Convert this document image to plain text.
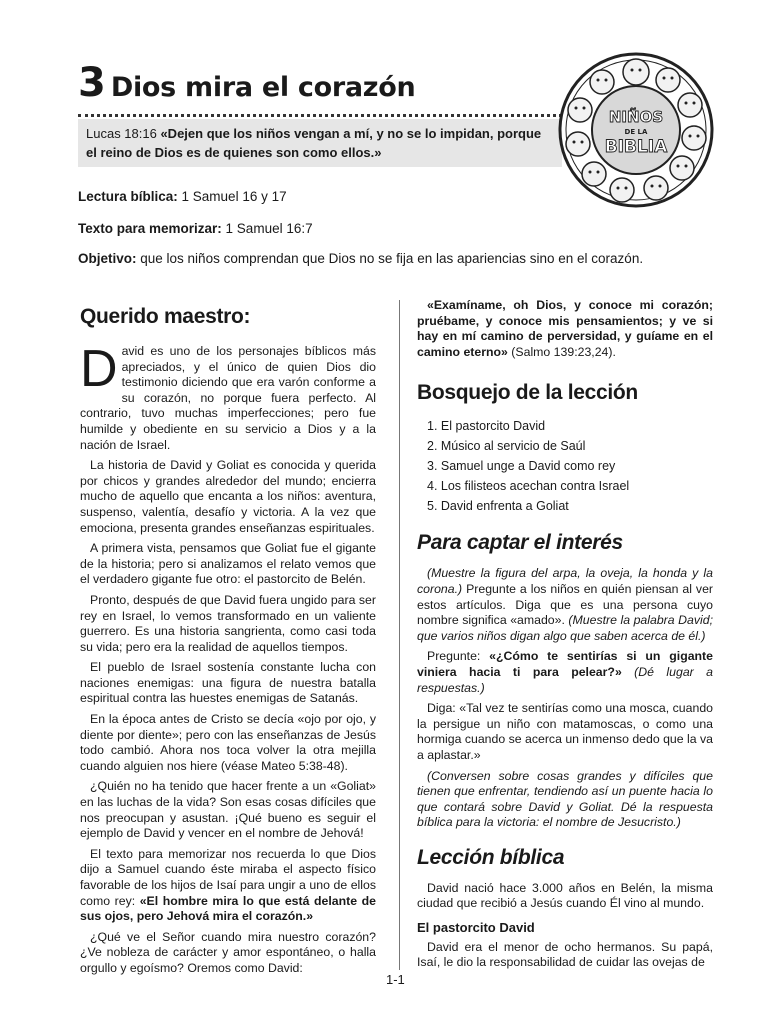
3 Dios mira el corazón
Lucas 18:16 «Dejen que los niños vengan a mí, y no se lo impidan, porque el reino de Dios es de quienes son como ellos.»
NIÑOS
DE LA
BIBLIA
Lectura bíblica: 1 Samuel 16 y 17
Texto para memorizar: 1 Samuel 16:7
Objetivo: que los niños comprendan que Dios no se fija en las apariencias sino en el corazón.
Querido maestro:

David es uno de los personajes bíblicos más apreciados, y el único de quien Dios dio testimonio diciendo que era varón conforme a su corazón, no porque fuera perfecto. Al contrario, tuvo muchas imperfecciones; pero fue humilde y obediente en su servicio a Dios y a la nación de Israel.

La historia de David y Goliat es conocida y querida por chicos y grandes alrededor del mundo; encierra mucho de aquello que encanta a los niños: aventura, suspenso, valentía, desafío y victoria. A la vez que emociona, presenta grandes enseñanzas espirituales.

A primera vista, pensamos que Goliat fue el gigante de la historia; pero si analizamos el relato vemos que el verdadero gigante fue otro: el pastorcito de Belén.

Pronto, después de que David fuera ungido para ser rey en Israel, lo vemos transformado en un valiente guerrero. Es una historia sangrienta, como casi toda su vida; pero era la realidad de aquellos tiempos.

El pueblo de Israel sostenía constante lucha con naciones enemigas: una figura de nuestra batalla espiritual contra las huestes enemigas de Satanás.

En la época antes de Cristo se decía «ojo por ojo, y diente por diente»; pero con las enseñanzas de Jesús todo cambió. Ahora nos toca volver la otra mejilla cuando alguien nos hiere (véase Mateo 5:38-48).

¿Quién no ha tenido que hacer frente a un «Goliat» en las luchas de la vida? Son esas cosas difíciles que nos preocupan y asustan. ¡Qué bueno es seguir el ejemplo de David y vencer en el nombre de Jehová!

El texto para memorizar nos recuerda lo que Dios dijo a Samuel cuando éste miraba el aspecto físico favorable de los hijos de Isaí para ungir a uno de ellos como rey: «El hombre mira lo que está delante de sus ojos, pero Jehová mira el corazón.»

¿Qué ve el Señor cuando mira nuestro corazón? ¿Ve nobleza de carácter y amor espontáneo, o halla orgullo y egoísmo? Oremos como David:

«Examíname, oh Dios, y conoce mi corazón; pruébame, y conoce mis pensamientos; y ve si hay en mí camino de perversidad, y guíame en el camino eterno» (Salmo 139:23,24).

Bosquejo de la lección
1. El pastorcito David
2. Músico al servicio de Saúl
3. Samuel unge a David como rey
4. Los filisteos acechan contra Israel
5. David enfrenta a Goliat
Para captar el interés

(Muestre la figura del arpa, la oveja, la honda y la corona.) Pregunte a los niños en quién piensan al ver estos artículos. Diga que es una persona cuyo nombre significa «amado». (Muestre la palabra David; que varios niños digan algo que saben acerca de él.)

Pregunte: «¿Cómo te sentirías si un gigante viniera hacia ti para pelear?» (Dé lugar a respuestas.)

Diga: «Tal vez te sentirías como una mosca, cuando la persigue un niño con matamoscas, o como una hormiga cuando se acerca un inmenso dedo que la va a aplastar.»

(Conversen sobre cosas grandes y difíciles que tienen que enfrentar, tendiendo así un puente hacia lo que contará sobre David y Goliat. Dé la respuesta bíblica para la victoria: el nombre de Jesucristo.)

Lección bíblica

David nació hace 3.000 años en Belén, la misma ciudad que recibió a Jesús cuando Él vino al mundo.

El pastorcito David

David era el menor de ocho hermanos. Su papá, Isaí, le dio la responsabilidad de cuidar las ovejas de

1-1
